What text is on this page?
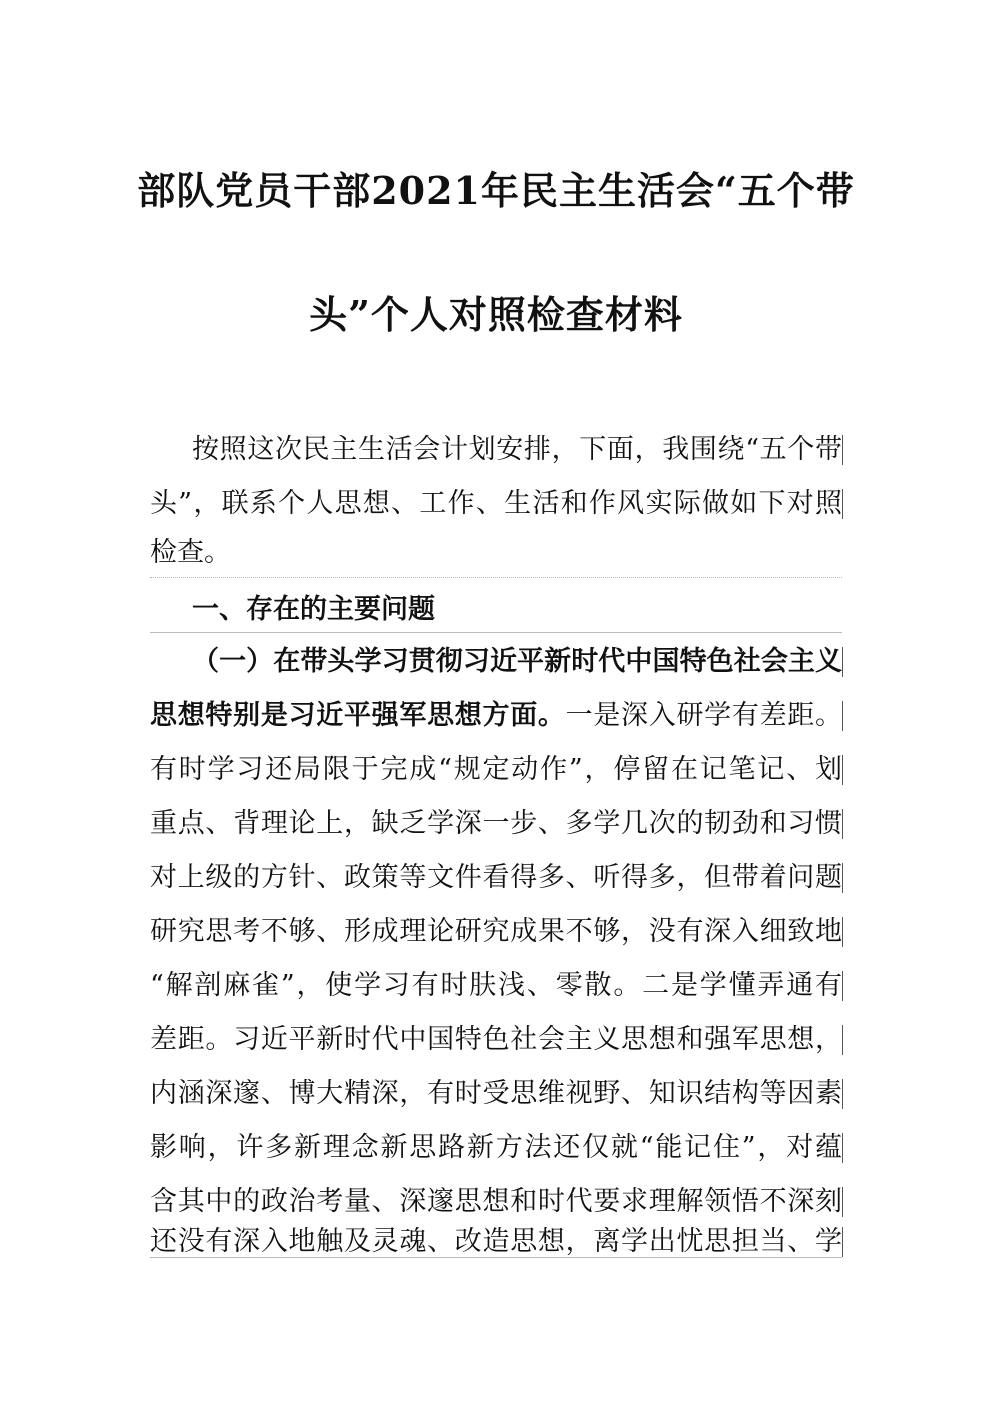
部队党员干部2021年民主生活会“五个带
头”个人对照检查材料
按照这次民主生活会计划安排，下面，我围绕“五个带
头”，联系个人思想、工作、生活和作风实际做如下对照
检查。
一、存在的主要问题
（一）在带头学习贯彻习近平新时代中国特色社会主义
思想特别是习近平强军思想方面。一是深入研学有差距。
有时学习还局限于完成“规定动作”，停留在记笔记、划
重点、背理论上，缺乏学深一步、多学几次的韧劲和习惯
对上级的方针、政策等文件看得多、听得多，但带着问题
研究思考不够、形成理论研究成果不够，没有深入细致地
“解剖麻雀”，使学习有时肤浅、零散。二是学懂弄通有
差距。习近平新时代中国特色社会主义思想和强军思想，
内涵深邃、博大精深，有时受思维视野、知识结构等因素
影响，许多新理念新思路新方法还仅就“能记住”，对蕴
含其中的政治考量、深邃思想和时代要求理解领悟不深刻
还没有深入地触及灵魂、改造思想，离学出忧思担当、学
